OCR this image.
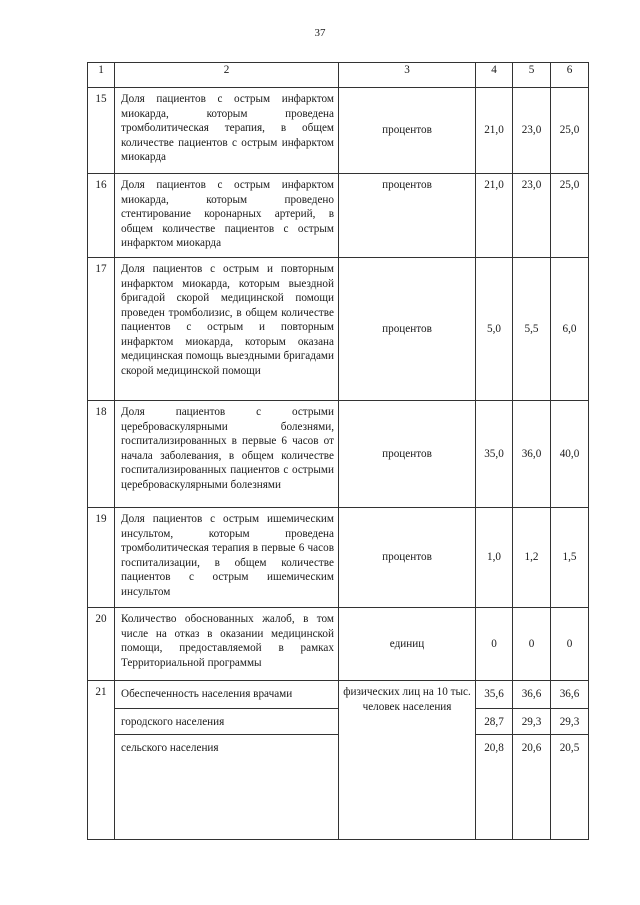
37
1	2	3	4	5	6
15	Доля пациентов с острым инфарктом миокарда, которым проведена тромболитическая терапия, в общем количестве пациентов с острым инфарктом миокарда	процентов	21,0	23,0	25,0
16	Доля пациентов с острым инфарктом миокарда, которым проведено стентирование коронарных артерий, в общем количестве пациентов с острым инфарктом миокарда	процентов	21,0	23,0	25,0
17	Доля пациентов с острым и повторным инфарктом миокарда, которым выездной бригадой скорой медицинской помощи проведен тромболизис, в общем количестве пациентов с острым и повторным инфарктом миокарда, которым оказана медицинская помощь выездными бригадами скорой медицинской помощи	процентов	5,0	5,5	6,0
18	Доля пациентов с острыми цереброваскулярными болезнями, госпитализированных в первые 6 часов от начала заболевания, в общем количестве госпитализированных пациентов с острыми цереброваскулярными болезнями	процентов	35,0	36,0	40,0
19	Доля пациентов с острым ишемическим инсультом, которым проведена тромболитическая терапия в первые 6 часов госпитализации, в общем количестве пациентов с острым ишемическим инсультом	процентов	1,0	1,2	1,5
20	Количество обоснованных жалоб, в том числе на отказ в оказании медицинской помощи, предоставляемой в рамках Территориальной программы	единиц	0	0	0
21	Обеспеченность населения врачами	физических лиц на 10 тыс. человек населения	35,6	36,6	36,6
	городского населения		28,7	29,3	29,3
	сельского населения		20,8	20,6	20,5
